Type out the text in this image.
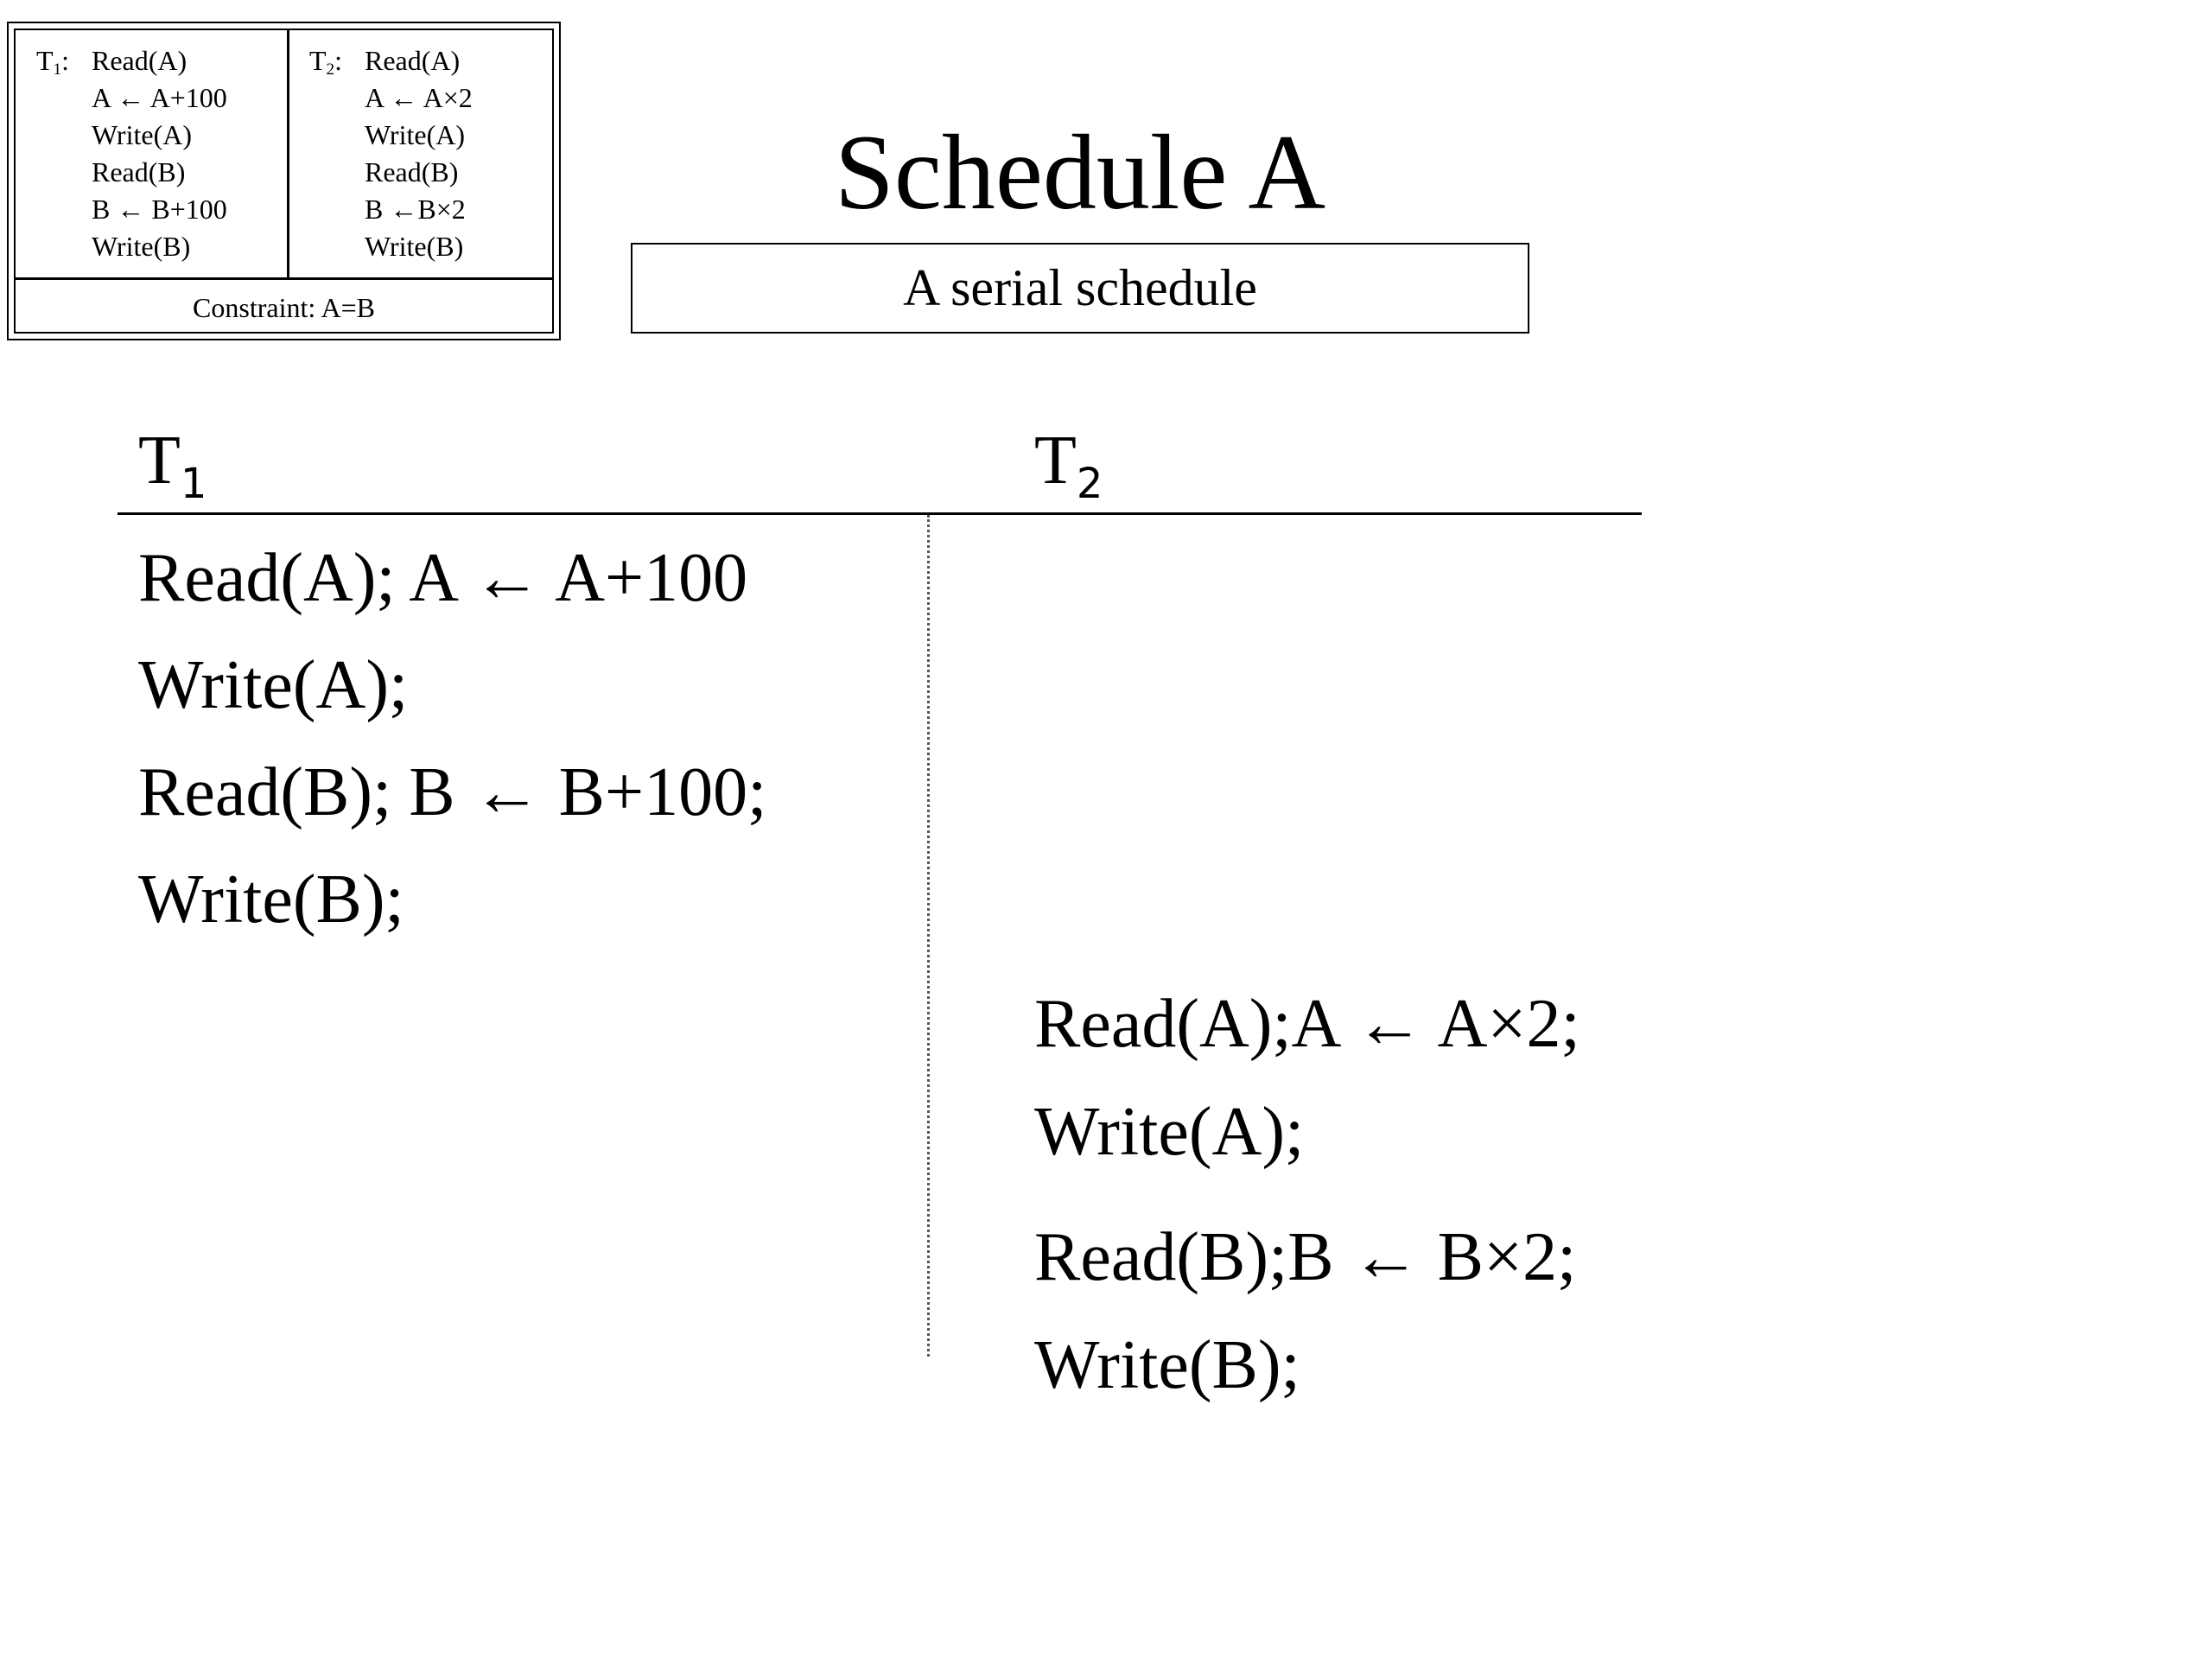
$T_1$: Read(A)
A ← A+100
Write(A)
Read(B)
B ← B+100
Write(B)
$T_2$: Read(A)
A ← A×2
Write(A)
Read(B)
B ←B×2
Write(B)
Constraint: A=B
Schedule A
A serial schedule
$T_1$	$T_2$
Read(A); A ← A+100
Write(A);
Read(B); B ← B+100;
Write(B);
Read(A);A ← A×2;
Write(A);
Read(B);B ← B×2;
Write(B);
